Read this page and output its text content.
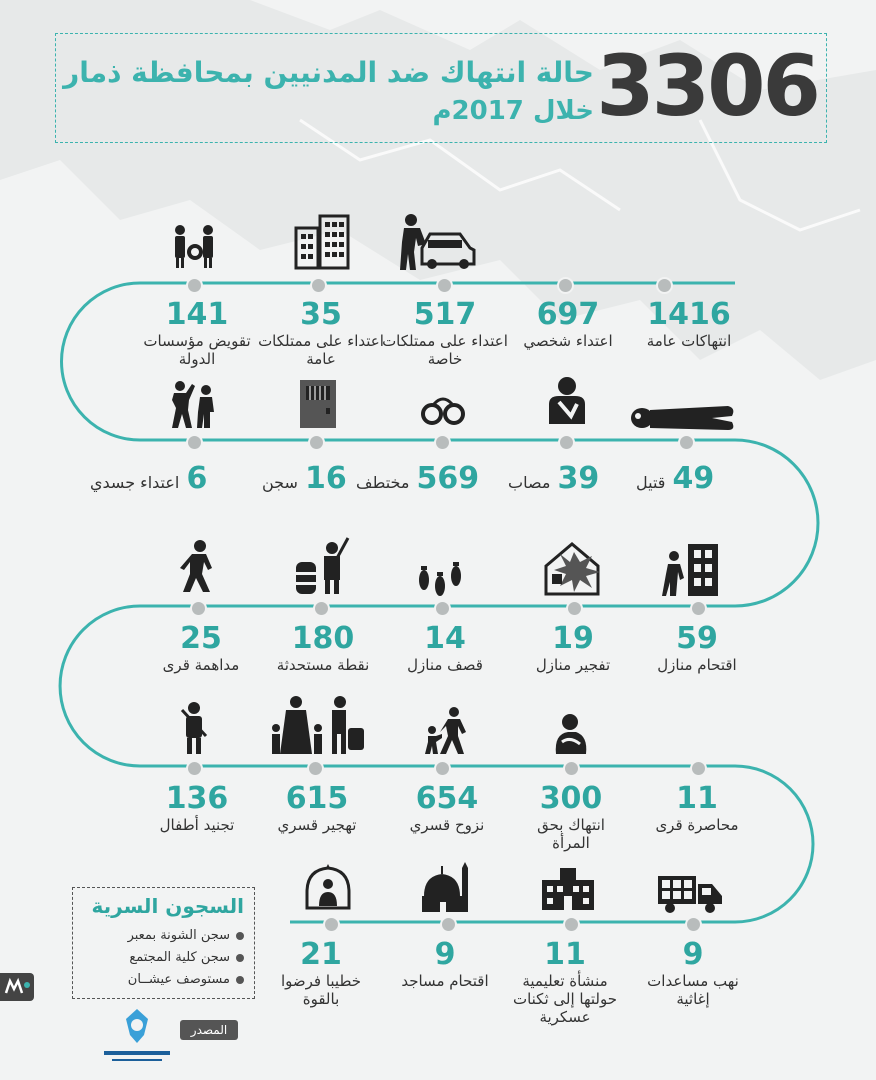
3306
حالة انتهاك ضد المدنيين بمحافظة ذمار
خلال 2017م
141
تقويض مؤسسات الدولة
35
اعتداء على ممتلكات عامة
517
اعتداء على ممتلكات خاصة
697
اعتداء شخصي
1416
انتهاكات عامة
6 اعتداء جسدي	16 سجن	569 مختطف	39 مصاب	49 قتيل
25
مداهمة قرى
180
نقطة مستحدثة
14
قصف منازل
19
تفجير منازل
59
اقتحام منازل
136
تجنيد أطفال
615
تهجير قسري
654
نزوح قسري
300
انتهاك بحق المرأة
11
محاصرة قرى
21
خطيبا فرضوا بالقوة
9
اقتحام مساجد
11
منشأة تعليمية حولتها إلى ثكنات عسكرية
9
نهب مساعدات إغاثية
السجون السرية
سجن الشونة بمعبر
سجن كلية المجتمع
مستوصف عيشــان
المصدر
